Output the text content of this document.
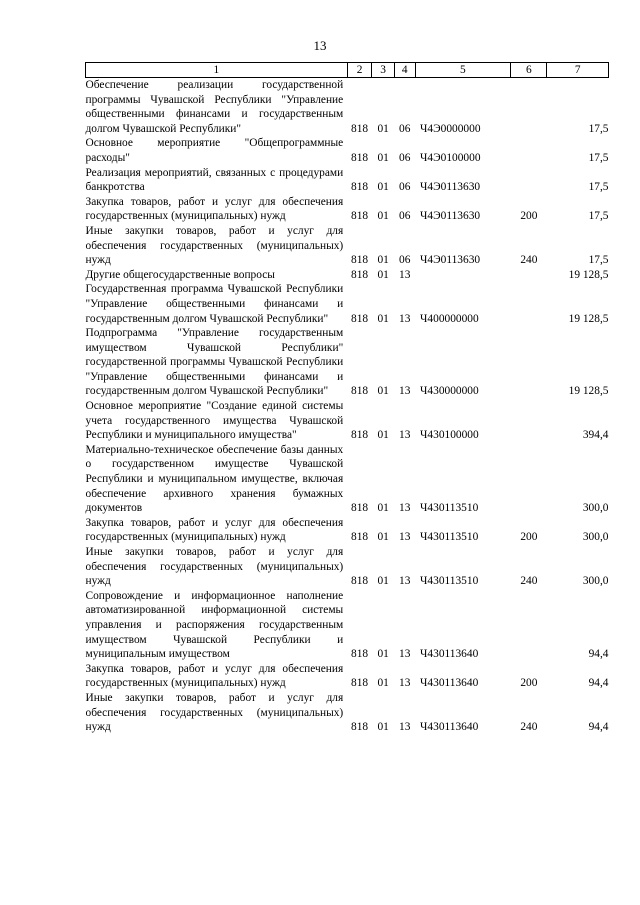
13
1	2	3	4	5	6	7
Обеспечение реализации государственной программы Чувашской Республики "Управление общественными финансами и государственным долгом Чувашской Республики"	818	01	06	Ч4Э0000000		17,5
Основное мероприятие "Общепрограммные расходы"	818	01	06	Ч4Э0100000		17,5
Реализация мероприятий, связанных с процедурами банкротства	818	01	06	Ч4Э0113630		17,5
Закупка товаров, работ и услуг для обеспечения государственных (муниципальных) нужд	818	01	06	Ч4Э0113630	200	17,5
Иные закупки товаров, работ и услуг для обеспечения государственных (муниципальных) нужд	818	01	06	Ч4Э0113630	240	17,5
Другие общегосударственные вопросы	818	01	13			19 128,5
Государственная программа Чувашской Республики "Управление общественными финансами и государственным долгом Чувашской Республики"	818	01	13	Ч400000000		19 128,5
Подпрограмма "Управление государственным имуществом Чувашской Республики" государственной программы Чувашской Республики "Управление общественными финансами и государственным долгом Чувашской Республики"	818	01	13	Ч430000000		19 128,5
Основное мероприятие "Создание единой системы учета государственного имущества Чувашской Республики и муниципального имущества"	818	01	13	Ч430100000		394,4
Материально-техническое обеспечение базы данных о государственном имуществе Чувашской Республики и муниципальном имуществе, включая обеспечение архивного хранения бумажных документов	818	01	13	Ч430113510		300,0
Закупка товаров, работ и услуг для обеспечения государственных (муниципальных) нужд	818	01	13	Ч430113510	200	300,0
Иные закупки товаров, работ и услуг для обеспечения государственных (муниципальных) нужд	818	01	13	Ч430113510	240	300,0
Сопровождение и информационное наполнение автоматизированной информационной системы управления и распоряжения государственным имуществом Чувашской Республики и муниципальным имуществом	818	01	13	Ч430113640		94,4
Закупка товаров, работ и услуг для обеспечения государственных (муниципальных) нужд	818	01	13	Ч430113640	200	94,4
Иные закупки товаров, работ и услуг для обеспечения государственных (муниципальных) нужд	818	01	13	Ч430113640	240	94,4
